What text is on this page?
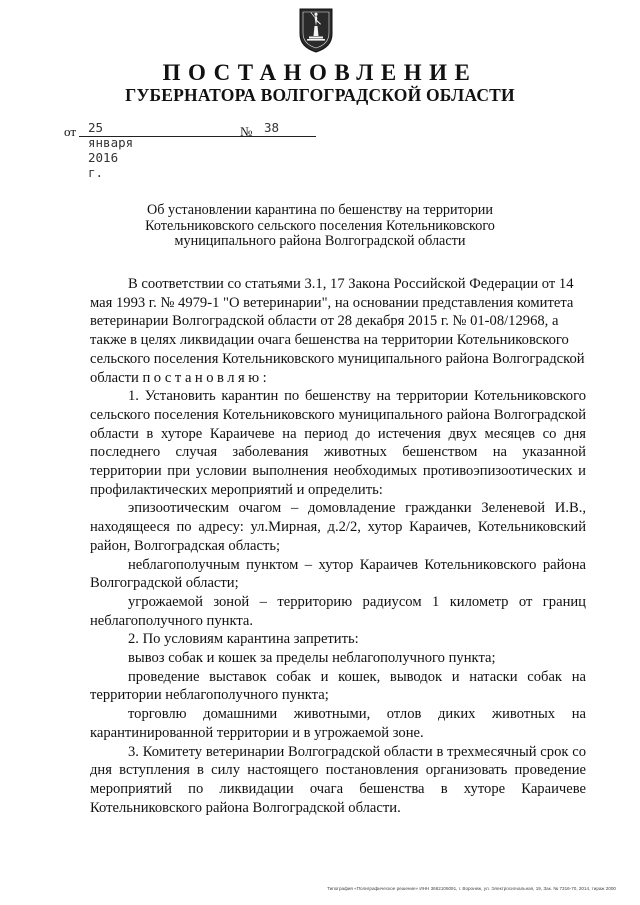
ПОСТАНОВЛЕНИЕ
ГУБЕРНАТОРА ВОЛГОГРАДСКОЙ ОБЛАСТИ
от 25 января 2016 г.
№ 38
Об установлении карантина по бешенству на территории Котельниковского сельского поселения Котельниковского муниципального района Волгоградской области

В соответствии со статьями 3.1, 17 Закона Российской Федерации от 14 мая 1993 г. № 4979-1 "О ветеринарии", на основании представления комитета ветеринарии Волгоградской области от 28 декабря 2015 г. № 01-08/12968, а также в целях ликвидации очага бешенства на территории Котельниковского сельского поселения Котельниковского муниципального района Волгоградской области постановляю:

1. Установить карантин по бешенству на территории Котельниковского сельского поселения Котельниковского муниципального района Волгоградской области в хуторе Караичеве на период до истечения двух месяцев со дня последнего случая заболевания животных бешенством на указанной территории при условии выполнения необходимых противоэпизоотических и профилактических мероприятий и определить:

эпизоотическим очагом – домовладение гражданки Зеленевой И.В., находящееся по адресу: ул.Мирная, д.2/2, хутор Караичев, Котельниковский район, Волгоградская область;

неблагополучным пунктом – хутор Караичев Котельниковского района Волгоградской области;

угрожаемой зоной – территорию радиусом 1 километр от границ неблагополучного пункта.

2. По условиям карантина запретить:

вывоз собак и кошек за пределы неблагополучного пункта;

проведение выставок собак и кошек, выводок и натаски собак на территории неблагополучного пункта;

торговлю домашними животными, отлов диких животных на карантинированной территории и в угрожаемой зоне.

3. Комитету ветеринарии Волгоградской области в трехмесячный срок со дня вступления в силу настоящего постановления организовать проведение мероприятий по ликвидации очага бешенства в хуторе Караичеве Котельниковского района Волгоградской области.

Типография «Полиграфическое решение» ИНН 3662106091, г. Воронеж, ул. Электросигнальная, 19, Зак. № 7316-70, 2014, тираж 2000
